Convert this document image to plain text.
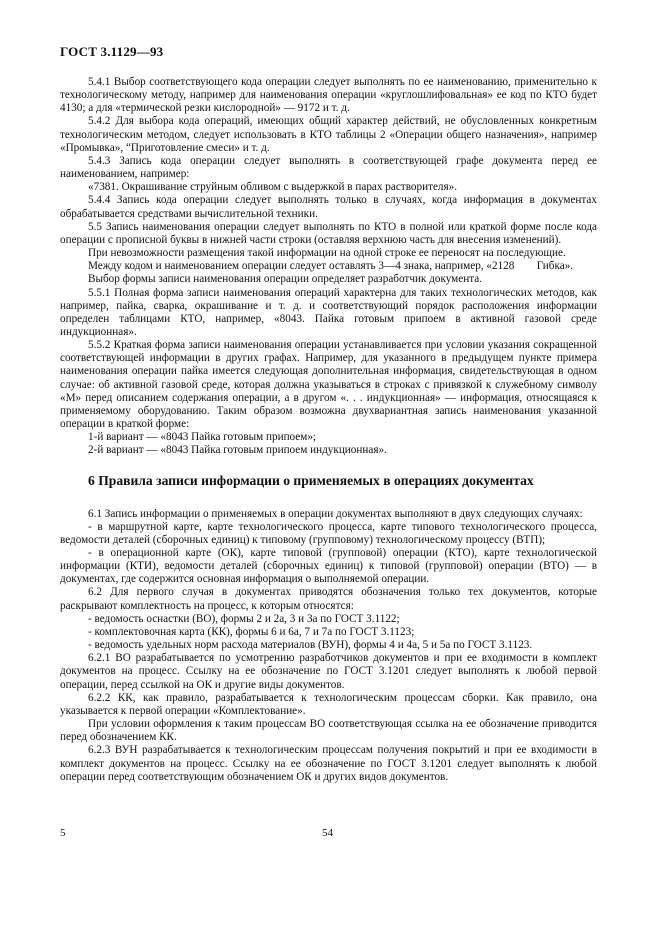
ГОСТ 3.1129—93

5.4.1 Выбор соответствующего кода операции следует выполнять по ее наименованию, применительно к технологическому методу, например для наименования операции «круглошлифовальная» ее код по КТО будет 4130; а для «термической резки кислородной» — 9172 и т. д.

5.4.2 Для выбора кода операций, имеющих общий характер действий, не обусловленных конкретным технологическим методом, следует использовать в КТО таблицы 2 «Операции общего назначения», например «Промывка», “Приготовление смеси» и т. д.

5.4.3 Запись кода операции следует выполнять в соответствующей графе документа перед ее наименованием, например:

«7381. Окрашивание струйным обливом с выдержкой в парах растворителя».

5.4.4 Запись кода операции следует выполнять только в случаях, когда информация в документах обрабатывается средствами вычислительной техники.

5.5 Запись наименования операции следует выполнять по КТО в полной или краткой форме после кода операции с прописной буквы в нижней части строки (оставляя верхнюю часть для внесения изменений).

При невозможности размещения такой информации на одной строке ее переносят на последующие.

Между кодом и наименованием операции следует оставлять 3—4 знака, например, «2128        Гибка».

Выбор формы записи наименования операции определяет разработчик документа.

5.5.1 Полная форма записи наименования операций характерна для таких технологических методов, как например, пайка, сварка, окрашивание и т. д. и соответствующий порядок расположения информации определен таблицами КТО, например, «8043. Пайка готовым припоем в активной газовой среде индукционная».

5.5.2 Краткая форма записи наименования операции устанавливается при условии указания сокращенной соответствующей информации в других графах. Например, для указанного в предыдущем пункте примера наименования операции пайка имеется следующая дополнительная информация, свидетельствующая в одном случае: об активной газовой среде, которая должна указываться в строках с привязкой к служебному символу «М» перед описанием содержания операции, а в другом «. . . индукционная» — информация, относящаяся к применяемому оборудованию. Таким образом возможна двухвариантная запись наименования указанной операции в краткой форме:

1-й вариант — «8043 Пайка готовым припоем»;

2-й вариант — «8043 Пайка готовым припоем индукционная».

6 Правила записи информации о применяемых в операциях документах

6.1 Запись информации о применяемых в операции документах выполняют в двух следующих случаях:

- в маршрутной карте, карте технологического процесса, карте типового технологического процесса, ведомости деталей (сборочных единиц) к типовому (групповому) технологическому процессу (ВТП);

- в операционной карте (ОК), карте типовой (групповой) операции (КТО), карте технологической информации (КТИ), ведомости деталей (сборочных единиц) к типовой (групповой) операции (ВТО) — в документах, где содержится основная информация о выполняемой операции.

6.2 Для первого случая в документах приводятся обозначения только тех документов, которые раскрывают комплектность на процесс, к которым относятся:

- ведомость оснастки (ВО), формы 2 и 2а, 3 и 3а по ГОСТ 3.1122;

- комплектовочная карта (КК), формы 6 и 6а, 7 и 7а по ГОСТ 3.1123;

- ведомость удельных норм расхода материалов (ВУН), формы 4 и 4а, 5 и 5а по ГОСТ 3.1123.

6.2.1 ВО разрабатывается по усмотрению разработчиков документов и при ее входимости в комплект документов на процесс. Ссылку на ее обозначение по ГОСТ 3.1201 следует выполнять к любой первой операции, перед ссылкой на ОК и другие виды документов.

6.2.2 КК, как правило, разрабатывается к технологическим процессам сборки. Как правило, она указывается к первой операции «Комплектование».

При условии оформления к таким процессам ВО соответствующая ссылка на ее обозначение приводится перед обозначением КК.

6.2.3 ВУН разрабатывается к технологическим процессам получения покрытий и при ее входимости в комплект документов на процесс. Ссылку на ее обозначение по ГОСТ 3.1201 следует выполнять к любой операции перед соответствующим обозначением ОК и других видов документов.

5	54
